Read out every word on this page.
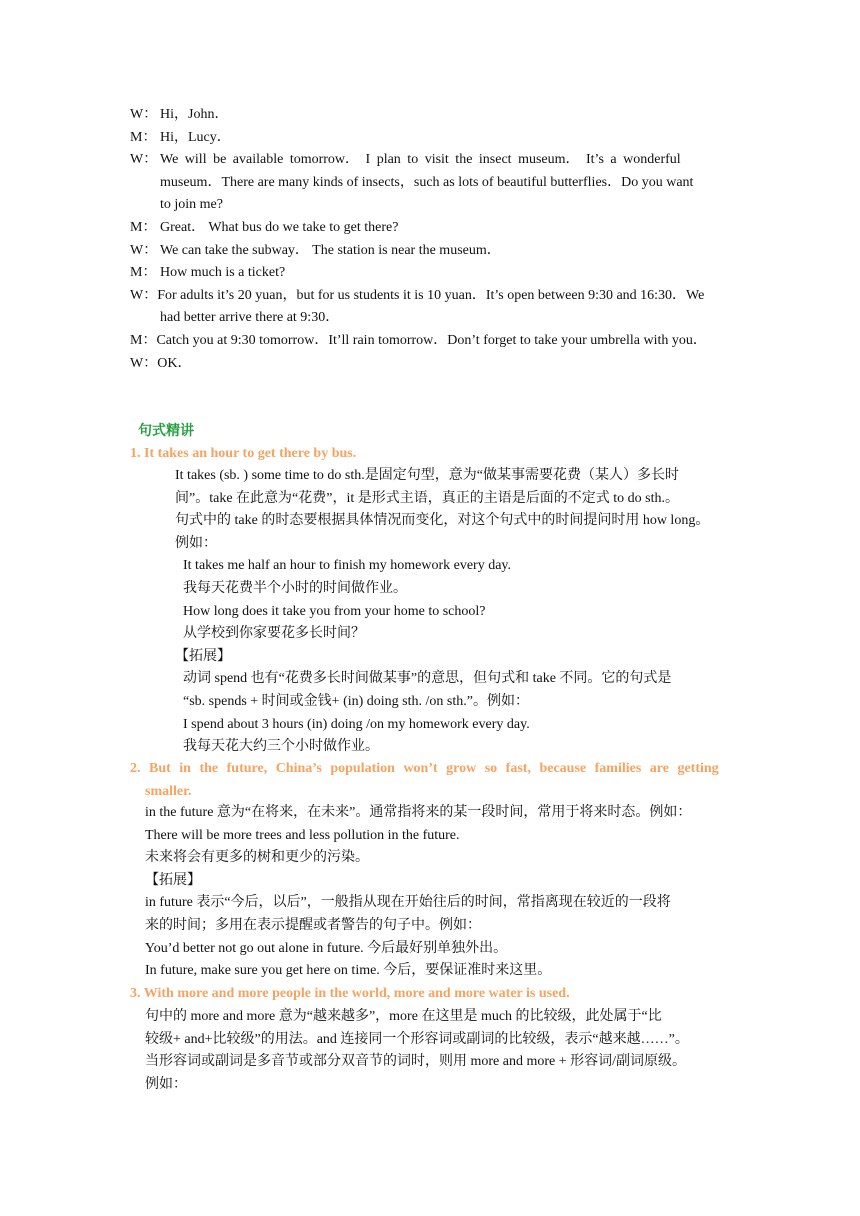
W： Hi，John．
M： Hi，Lucy．
W： We will be available tomorrow． I plan to visit the insect museum． It’s a wonderful
museum．There are many kinds of insects，such as lots of beautiful butterflies．Do you want
to join me?
M： Great． What bus do we take to get there?
W： We can take the subway． The station is near the museum．
M： How much is a ticket?
W：For adults it’s 20 yuan，but for us students it is 10 yuan．It’s open between 9:30 and 16:30．We
had better arrive there at 9:30．
M：Catch you at 9:30 tomorrow．It’ll rain tomorrow．Don’t forget to take your umbrella with you．
W：OK．
句式精讲
1. It takes an hour to get there by bus.
It takes (sb. ) some time to do sth.是固定句型，意为“做某事需要花费（某人）多长时
间”。take 在此意为“花费”，it 是形式主语，真正的主语是后面的不定式 to do sth.。
句式中的 take 的时态要根据具体情况而变化，对这个句式中的时间提问时用 how long。
例如：
It takes me half an hour to finish my homework every day.
我每天花费半个小时的时间做作业。
How long does it take you from your home to school?
从学校到你家要花多长时间？
【拓展】
动词 spend 也有“花费多长时间做某事”的意思，但句式和 take 不同。它的句式是
“sb. spends + 时间或金钱+ (in) doing sth. /on sth.”。例如：
I spend about 3 hours (in) doing /on my homework every day.
我每天花大约三个小时做作业。
2. But in the future, China’s population won’t grow so fast, because families are getting
smaller.
in the future 意为“在将来，在未来”。通常指将来的某一段时间，常用于将来时态。例如：
There will be more trees and less pollution in the future.
未来将会有更多的树和更少的污染。
【拓展】
in future 表示“今后，以后”，一般指从现在开始往后的时间，常指离现在较近的一段将
来的时间；多用在表示提醒或者警告的句子中。例如：
You’d better not go out alone in future. 今后最好别单独外出。
In future, make sure you get here on time. 今后，要保证准时来这里。
3. With more and more people in the world, more and more water is used.
句中的 more and more 意为“越来越多”，more 在这里是 much 的比较级，此处属于“比
较级+ and+比较级”的用法。and 连接同一个形容词或副词的比较级，表示“越来越……”。
当形容词或副词是多音节或部分双音节的词时，则用 more and more + 形容词/副词原级。
例如：
